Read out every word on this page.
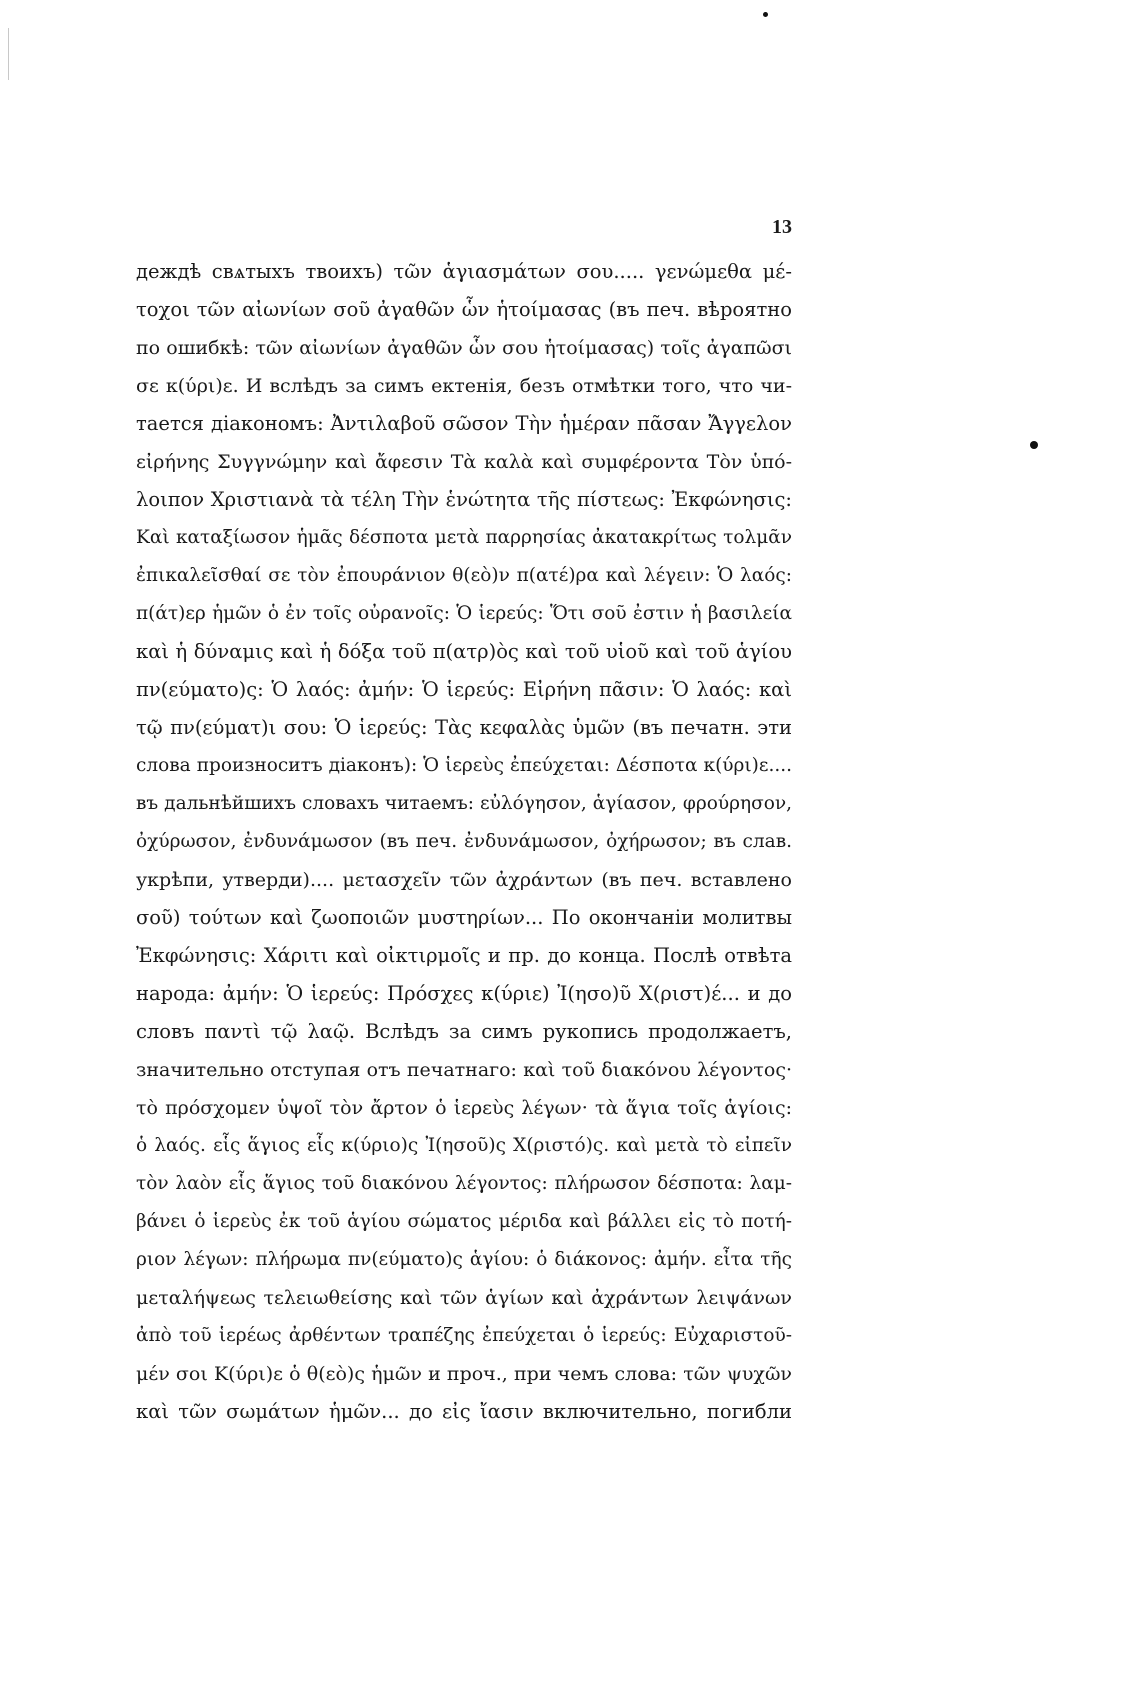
13
деждѣ свѧтыхъ твоихъ) τῶν ἁγιασμάτων σου..... γενώμεθα μέ-
τοχοι τῶν αἰωνίων σοῦ ἀγαθῶν ὧν ἡτοίμασας (въ печ. вѣроятно
по ошибкѣ: τῶν αἰωνίων ἀγαθῶν ὧν σου ἡτοίμασας) τοῖς ἀγαπῶσι
σε κ(ύρι)ε. И вслѣдъ за симъ ектенія, безъ отмѣтки того, что чи-
тается діакономъ: Ἀντιλαβοῦ σῶσον Τὴν ἡμέραν πᾶσαν Ἄγγελον
εἰρήνης Συγγνώμην καὶ ἄφεσιν Τὰ καλὰ καὶ συμφέροντα Τὸν ὑπό-
λοιπον Χριστιανὰ τὰ τέλη Τὴν ἑνώτητα τῆς πίστεως: Ἐκφώνησις:
Καὶ καταξίωσον ἡμᾶς δέσποτα μετὰ παρρησίας ἀκατακρίτως τολμᾶν
ἐπικαλεῖσθαί σε τὸν ἐπουράνιον θ(εὸ)ν π(ατέ)ρα καὶ λέγειν: Ὁ λαός:
π(άτ)ερ ἡμῶν ὁ ἐν τοῖς οὐρανοῖς: Ὁ ἱερεύς: Ὅτι σοῦ ἐστιν ἡ βασιλεία
καὶ ἡ δύναμις καὶ ἡ δόξα τοῦ π(ατρ)ὸς καὶ τοῦ υἱοῦ καὶ τοῦ ἁγίου
πν(εύματο)ς: Ὁ λαός: ἀμήν: Ὁ ἱερεύς: Εἰρήνη πᾶσιν: Ὁ λαός: καὶ
τῷ πν(εύματ)ι σου: Ὁ ἱερεύς: Τὰς κεφαλὰς ὑμῶν (въ печатн. эти
слова произноситъ діаконъ): Ὁ ἱερεὺς ἐπεύχεται: Δέσποτα κ(ύρι)ε....
въ дальнѣйшихъ словахъ читаемъ: εὐλόγησον, ἁγίασον, φρούρησον,
ὀχύρωσον, ἐνδυνάμωσον (въ печ. ἐνδυνάμωσον, ὀχήρωσον; въ слав.
укрѣпи, утверди).... μετασχεῖν τῶν ἀχράντων (въ печ. вставлено
σοῦ) τούτων καὶ ζωοποιῶν μυστηρίων... По окончаніи молитвы
Ἐκφώνησις: Χάριτι καὶ οἰκτιρμοῖς и пр. до конца. Послѣ отвѣта
народа: ἀμήν: Ὁ ἱερεύς: Πρόσχες κ(ύριε) Ἰ(ησο)ῦ Χ(ριστ)έ... и до
словъ παντὶ τῷ λαῷ. Вслѣдъ за симъ рукопись продолжаетъ,
значительно отступая отъ печатнаго: καὶ τοῦ διακόνου λέγοντος·
τὸ πρόσχομεν ὑψοῖ τὸν ἄρτον ὁ ἱερεὺς λέγων· τὰ ἅγια τοῖς ἁγίοις:
ὁ λαός. εἷς ἅγιος εἷς κ(ύριο)ς Ἰ(ησοῦ)ς Χ(ριστό)ς. καὶ μετὰ τὸ εἰπεῖν
τὸν λαὸν εἷς ἅγιος τοῦ διακόνου λέγοντος: πλήρωσον δέσποτα: λαμ-
βάνει ὁ ἱερεὺς ἐκ τοῦ ἁγίου σώματος μέριδα καὶ βάλλει εἰς τὸ ποτή-
ριον λέγων: πλήρωμα πν(εύματο)ς ἁγίου: ὁ διάκονος: ἀμήν. εἶτα τῆς
μεταλήψεως τελειωθείσης καὶ τῶν ἁγίων καὶ ἀχράντων λειψάνων
ἀπὸ τοῦ ἱερέως ἀρθέντων τραπέζης ἐπεύχεται ὁ ἱερεύς: Εὐχαριστοῦ-
μέν σοι Κ(ύρι)ε ὁ θ(εὸ)ς ἡμῶν и проч., при чемъ слова: τῶν ψυχῶν
καὶ τῶν σωμάτων ἡμῶν... до εἰς ἴασιν включительно, погибли
